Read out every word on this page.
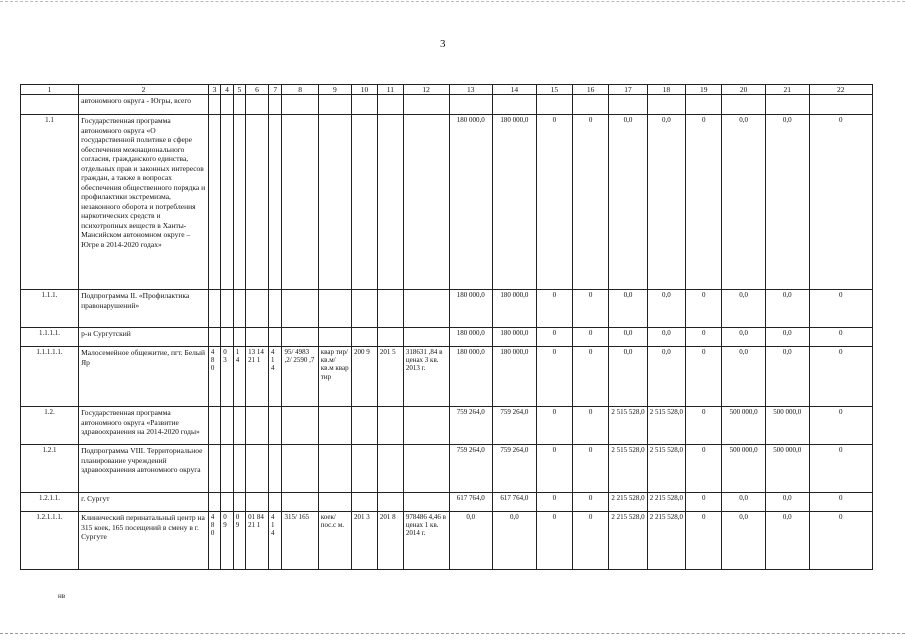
3
1	2	3	4	5	6	7	8	9	10	11	12	13	14	15	16	17	18	19	20	21	22
	автономного округа - Югры, всего																				
1.1	Государственная программа автономного округа «О государственной политике в сфере обеспечения межнационального согласия, гражданского единства, отдельных прав и законных интересов граждан, а также в вопросах обеспечения общественного порядка и профилактики экстремизма, незаконного оборота и потребления наркотических средств и психотропных веществ в Ханты-Мансийском автономном округе – Югре в 2014-2020 годах»											180 000,0	180 000,0	0	0	0,0	0,0	0	0,0	0,0	0
1.1.1.	Подпрограмма II. «Профилактика правонарушений»											180 000,0	180 000,0	0	0	0,0	0,0	0	0,0	0,0	0
1.1.1.1.	р-н Сургутский											180 000,0	180 000,0	0	0	0,0	0,0	0	0,0	0,0	0
1.1.1.1.1.	Малосемейное общежитие, пгт. Белый Яр	4 8 0	0 3	1 4	13 14 21 1	4 1 4	95/ 4983 ,2/ 2590 ,7	квар тир/ кв.м/ кв.м квар тир	200 9	201 5	318631 ,84 в ценах 3 кв. 2013 г.	180 000,0	180 000,0	0	0	0,0	0,0	0	0,0	0,0	0
1.2.	Государственная программа автономного округа «Развитие здравоохранения на 2014-2020 годы»											759 264,0	759 264,0	0	0	2 515 528,0	2 515 528,0	0	500 000,0	500 000,0	0
1.2.1	Подпрограмма VIII. Территориальное планирование учреждений здравоохранения автономного округа											759 264,0	759 264,0	0	0	2 515 528,0	2 515 528,0	0	500 000,0	500 000,0	0
1.2.1.1.	г. Сургут											617 764,0	617 764,0	0	0	2 215 528,0	2 215 528,0	0	0,0	0,0	0
1.2.1.1.1.	Клинический перинатальный центр на 315 коек, 165 посещений в смену в г. Сургуте	4 8 0	0 9	0 9	01 84 21 1	4 1 4	315/ 165	коек/ пос.с м.	201 3	201 8	978486 4,46 в ценах 1 кв. 2014 г.	0,0	0,0	0	0	2 215 528,0	2 215 528,0	0	0,0	0,0	0
нв
